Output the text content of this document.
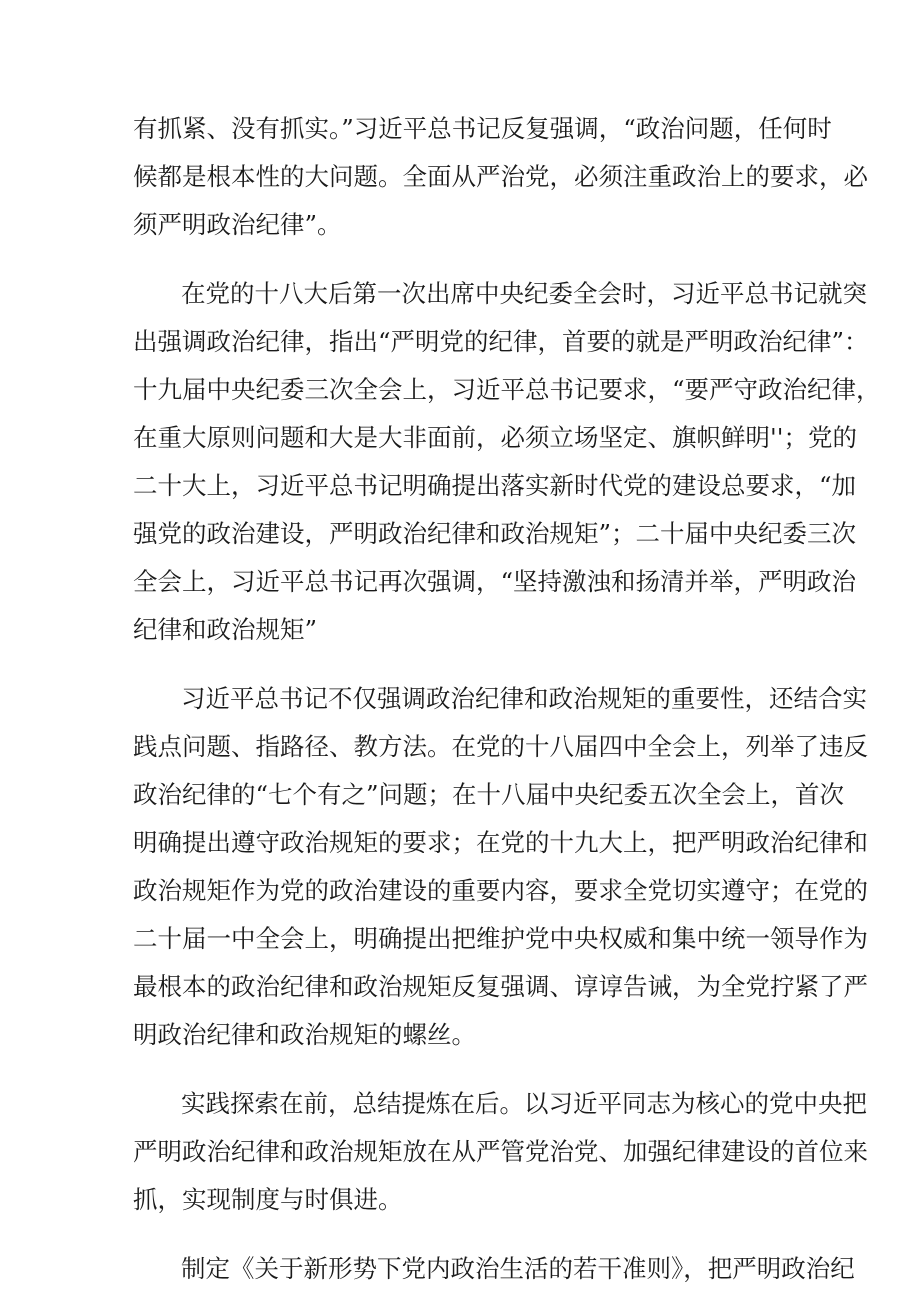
有抓紧、没有抓实。”习近平总书记反复强调，“政治问题，任何时
候都是根本性的大问题。全面从严治党，必须注重政治上的要求，必
须严明政治纪律”。
在党的十八大后第一次出席中央纪委全会时，习近平总书记就突
出强调政治纪律，指出“严明党的纪律，首要的就是严明政治纪律”：
十九届中央纪委三次全会上，习近平总书记要求，“要严守政治纪律，
在重大原则问题和大是大非面前，必须立场坚定、旗帜鲜明''；党的
二十大上，习近平总书记明确提出落实新时代党的建设总要求，“加
强党的政治建设，严明政治纪律和政治规矩”；二十届中央纪委三次
全会上，习近平总书记再次强调，“坚持激浊和扬清并举，严明政治
纪律和政治规矩”
习近平总书记不仅强调政治纪律和政治规矩的重要性，还结合实
践点问题、指路径、教方法。在党的十八届四中全会上，列举了违反
政治纪律的“七个有之”问题；在十八届中央纪委五次全会上，首次
明确提出遵守政治规矩的要求；在党的十九大上，把严明政治纪律和
政治规矩作为党的政治建设的重要内容，要求全党切实遵守；在党的
二十届一中全会上，明确提出把维护党中央权威和集中统一领导作为
最根本的政治纪律和政治规矩反复强调、谆谆告诫，为全党拧紧了严
明政治纪律和政治规矩的螺丝。
实践探索在前，总结提炼在后。以习近平同志为核心的党中央把
严明政治纪律和政治规矩放在从严管党治党、加强纪律建设的首位来
抓，实现制度与时俱进。
制定《关于新形势下党内政治生活的若干准则》，把严明政治纪
